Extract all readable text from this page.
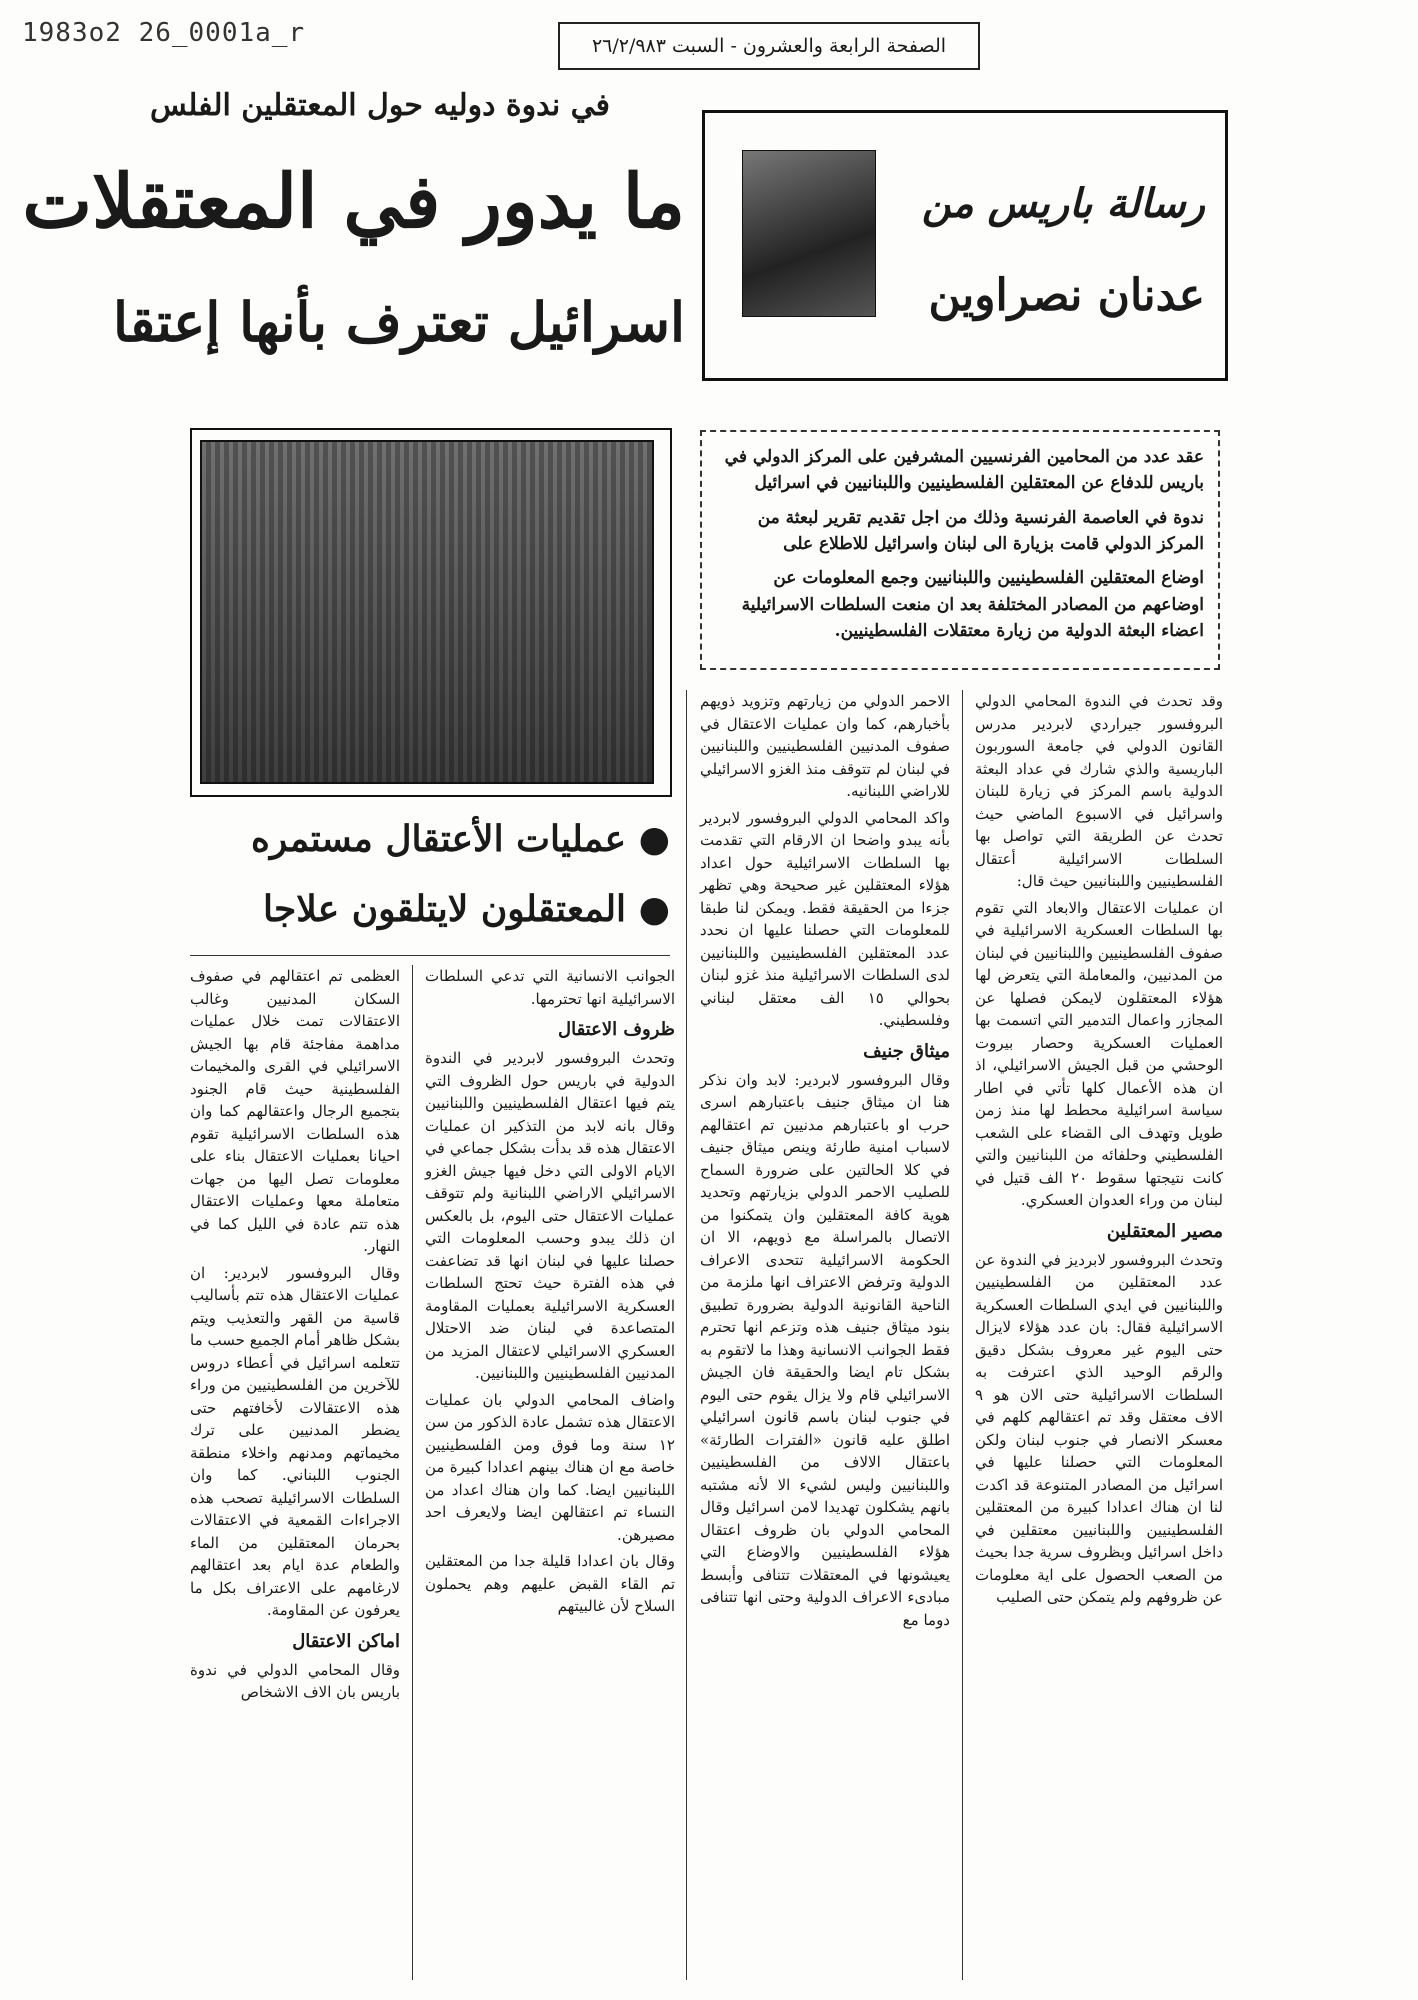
1983o2 26_0001a_r	الصفحة الرابعة والعشرون - السبت ٢٦/٢/٩٨٣
في ندوة دوليه حول المعتقلين الفلس
ما يدور في المعتقلات
اسرائيل تعترف بأنها إعتقا
رسالة باريس من
عدنان نصراوين
● عمليات الأعتقال مستمره
● المعتقلون لايتلقون علاجا

عقد عدد من المحامين الفرنسيين المشرفين على المركز الدولي في باريس للدفاع عن المعتقلين الفلسطينيين واللبنانيين في اسرائيل

ندوة في العاصمة الفرنسية وذلك من اجل تقديم تقرير لبعثة من المركز الدولي قامت بزيارة الى لبنان واسرائيل للاطلاع على

اوضاع المعتقلين الفلسطينيين واللبنانيين وجمع المعلومات عن اوضاعهم من المصادر المختلفة بعد ان منعت السلطات الاسرائيلية اعضاء البعثة الدولية من زيارة معتقلات الفلسطينيين.

وقد تحدث في الندوة المحامي الدولي البروفسور جيراردي لابردير مدرس القانون الدولي في جامعة السوربون الباريسية والذي شارك في عداد البعثة الدولية باسم المركز في زيارة للبنان واسرائيل في الاسبوع الماضي حيث تحدث عن الطريقة التي تواصل بها السلطات الاسرائيلية أعتقال الفلسطينيين واللبنانيين حيث قال:

ان عمليات الاعتقال والابعاد التي تقوم بها السلطات العسكرية الاسرائيلية في صفوف الفلسطينيين واللبنانيين في لبنان من المدنيين، والمعاملة التي يتعرض لها هؤلاء المعتقلون لايمكن فصلها عن المجازر واعمال التدمير التي اتسمت بها العمليات العسكرية وحصار بيروت الوحشي من قبل الجيش الاسرائيلي، اذ ان هذه الأعمال كلها تأتي في اطار سياسة اسرائيلية محطط لها منذ زمن طويل وتهدف الى القضاء على الشعب الفلسطيني وحلفائه من اللبنانيين والتي كانت نتيجتها سقوط ٢٠ الف قتيل في لبنان من وراء العدوان العسكري.

مصير المعتقلين

وتحدث البروفسور لابرديز في الندوة عن عدد المعتقلين من الفلسطينيين واللبنانيين في ايدي السلطات العسكرية الاسرائيلية فقال: بان عدد هؤلاء لايزال حتى اليوم غير معروف بشكل دقيق والرقم الوحيد الذي اعترفت به السلطات الاسرائيلية حتى الان هو ٩ الاف معتقل وقد تم اعتقالهم كلهم في معسكر الانصار في جنوب لبنان ولكن المعلومات التي حصلنا عليها في اسرائيل من المصادر المتنوعة قد اكدت لنا ان هناك اعدادا كبيرة من المعتقلين الفلسطينيين واللبنانيين معتقلين في داخل اسرائيل وبظروف سرية جدا بحيث من الصعب الحصول على اية معلومات عن ظروفهم ولم يتمكن حتى الصليب

الاحمر الدولي من زيارتهم وتزويد ذويهم بأخبارهم، كما وان عمليات الاعتقال في صفوف المدنيين الفلسطينيين واللبنانيين في لبنان لم تتوقف منذ الغزو الاسرائيلي للاراضي اللبنانيه.

واكد المحامي الدولي البروفسور لابردير بأنه يبدو واضحا ان الارقام التي تقدمت بها السلطات الاسرائيلية حول اعداد هؤلاء المعتقلين غير صحيحة وهي تظهر جزءا من الحقيقة فقط. ويمكن لنا طبقا للمعلومات التي حصلنا عليها ان نحدد عدد المعتقلين الفلسطينيين واللبنانيين لدى السلطات الاسرائيلية منذ غزو لبنان بحوالي ١٥ الف معتقل لبناني وفلسطيني.

ميثاق جنيف

وقال البروفسور لابردير: لابد وان نذكر هنا ان ميثاق جنيف باعتبارهم اسرى حرب او باعتبارهم مدنيين تم اعتقالهم لاسباب امنية طارئة وينص ميثاق جنيف في كلا الحالتين على ضرورة السماح للصليب الاحمر الدولي بزيارتهم وتحديد هوية كافة المعتقلين وان يتمكنوا من الاتصال بالمراسلة مع ذويهم، الا ان الحكومة الاسرائيلية تتحدى الاعراف الدولية وترفض الاعتراف انها ملزمة من الناحية القانونية الدولية بضرورة تطبيق بنود ميثاق جنيف هذه وتزعم انها تحترم فقط الجوانب الانسانية وهذا ما لاتقوم به بشكل تام ايضا والحقيقة فان الجيش الاسرائيلي قام ولا يزال يقوم حتى اليوم في جنوب لبنان باسم قانون اسرائيلي اطلق عليه قانون «الفترات الطارئة» باعتقال الالاف من الفلسطينيين واللبنانيين وليس لشيء الا لأنه مشتبه بانهم يشكلون تهديدا لامن اسرائيل وقال المحامي الدولي بان ظروف اعتقال هؤلاء الفلسطينيين والاوضاع التي يعيشونها في المعتقلات تتنافى وأبسط مبادىء الاعراف الدولية وحتى انها تتنافى دوما مع

الجوانب الانسانية التي تدعي السلطات الاسرائيلية انها تحترمها.

ظروف الاعتقال

وتحدث البروفسور لابردير في الندوة الدولية في باريس حول الظروف التي يتم فيها اعتقال الفلسطينيين واللبنانيين وقال بانه لابد من التذكير ان عمليات الاعتقال هذه قد بدأت بشكل جماعي في الايام الاولى التي دخل فيها جيش الغزو الاسرائيلي الاراضي اللبنانية ولم تتوقف عمليات الاعتقال حتى اليوم، بل بالعكس ان ذلك يبدو وحسب المعلومات التي حصلنا عليها في لبنان انها قد تضاعفت في هذه الفترة حيث تحتج السلطات العسكرية الاسرائيلية بعمليات المقاومة المتصاعدة في لبنان ضد الاحتلال العسكري الاسرائيلي لاعتقال المزيد من المدنيين الفلسطينيين واللبنانيين.

واضاف المحامي الدولي بان عمليات الاعتقال هذه تشمل عادة الذكور من سن ١٢ سنة وما فوق ومن الفلسطينيين خاصة مع ان هناك بينهم اعدادا كبيرة من اللبنانيين ايضا. كما وان هناك اعداد من النساء تم اعتقالهن ايضا ولايعرف احد مصيرهن.

وقال بان اعدادا قليلة جدا من المعتقلين تم القاء القبض عليهم وهم يحملون السلاح لأن غالبيتهم

العظمى تم اعتقالهم في صفوف السكان المدنيين وغالب الاعتقالات تمت خلال عمليات مداهمة مفاجئة قام بها الجيش الاسرائيلي في القرى والمخيمات الفلسطينية حيث قام الجنود بتجميع الرجال واعتقالهم كما وان هذه السلطات الاسرائيلية تقوم احيانا بعمليات الاعتقال بناء على معلومات تصل اليها من جهات متعاملة معها وعمليات الاعتقال هذه تتم عادة في الليل كما في النهار.

وقال البروفسور لابردير: ان عمليات الاعتقال هذه تتم بأساليب قاسية من القهر والتعذيب ويتم بشكل ظاهر أمام الجميع حسب ما تتعلمه اسرائيل في أعطاء دروس للآخرين من الفلسطينيين من وراء هذه الاعتقالات لأخافتهم حتى يضطر المدنيين على ترك مخيماتهم ومدنهم واخلاء منطقة الجنوب اللبناني. كما وان السلطات الاسرائيلية تصحب هذه الاجراءات القمعية في الاعتقالات بحرمان المعتقلين من الماء والطعام عدة ايام بعد اعتقالهم لارغامهم على الاعتراف بكل ما يعرفون عن المقاومة.

اماكن الاعتقال

وقال المحامي الدولي في ندوة باريس بان الاف الاشخاص
